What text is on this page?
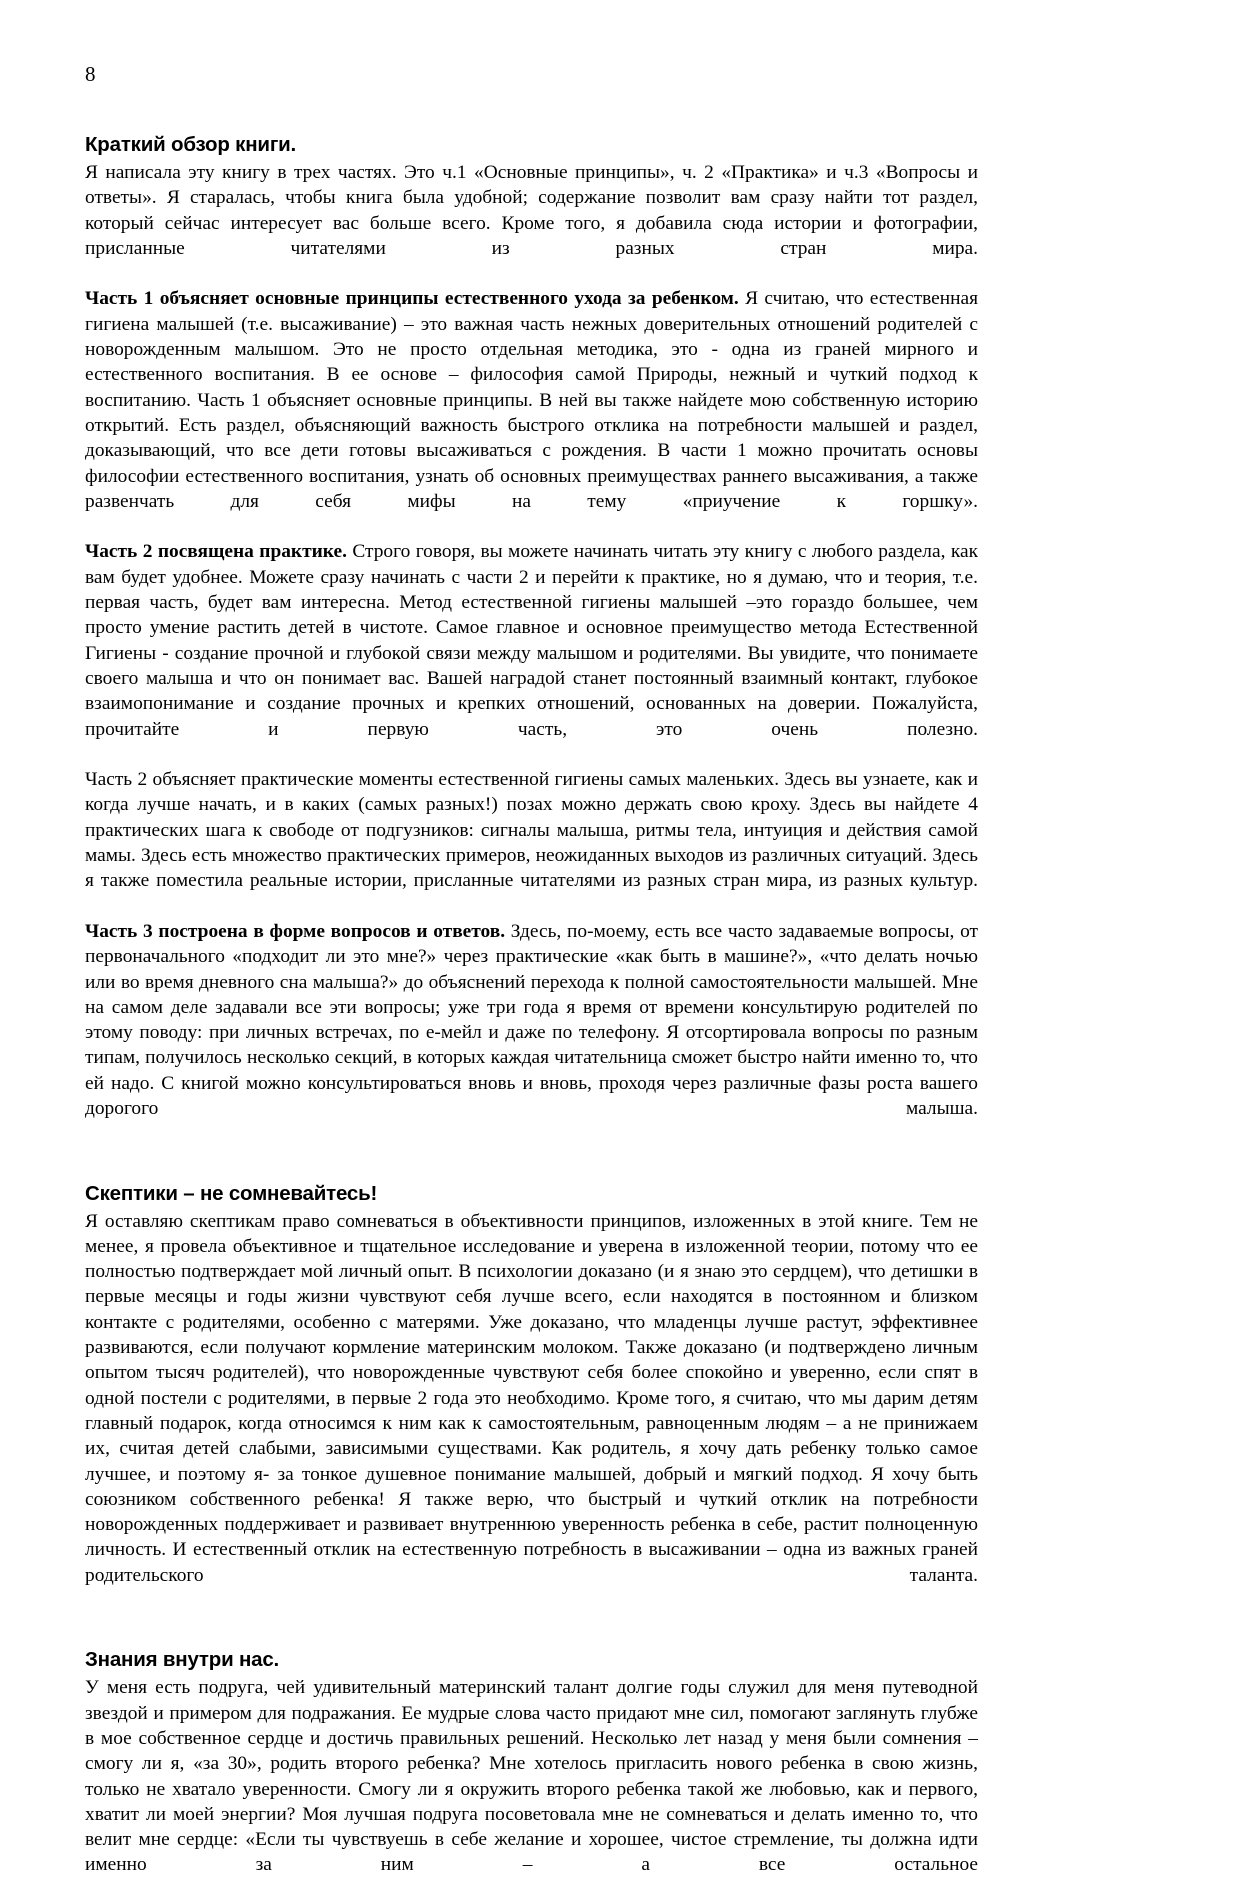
8
Краткий обзор книги.

Я написала эту книгу в трех частях. Это ч.1 «Основные принципы», ч. 2 «Практика» и ч.3 «Вопросы и ответы». Я старалась, чтобы книга была удобной; содержание позволит вам сразу найти тот раздел, который сейчас интересует вас больше всего. Кроме того, я добавила сюда истории и фотографии, присланные читателями из разных стран мира.

Часть 1 объясняет основные принципы естественного ухода за ребенком. Я считаю, что естественная гигиена малышей (т.е. высаживание) – это важная часть нежных доверительных отношений родителей с новорожденным малышом. Это не просто отдельная методика, это - одна из граней мирного и естественного воспитания. В ее основе – философия самой Природы, нежный и чуткий подход к воспитанию. Часть 1 объясняет основные принципы. В ней вы также найдете мою собственную историю открытий. Есть раздел, объясняющий важность быстрого отклика на потребности малышей и раздел, доказывающий, что все дети готовы высаживаться с рождения. В части 1 можно прочитать основы философии естественного воспитания, узнать об основных преимуществах раннего высаживания, а также развенчать для себя мифы на тему «приучение к горшку».

Часть 2 посвящена практике. Строго говоря, вы можете начинать читать эту книгу с любого раздела, как вам будет удобнее. Можете сразу начинать с части 2 и перейти к практике, но я думаю, что и теория, т.е. первая часть, будет вам интересна. Метод естественной гигиены малышей –это гораздо большее, чем просто умение растить детей в чистоте. Самое главное и основное преимущество метода Естественной Гигиены - создание прочной и глубокой связи между малышом и родителями. Вы увидите, что понимаете своего малыша и что он понимает вас. Вашей наградой станет постоянный взаимный контакт, глубокое взаимопонимание и создание прочных и крепких отношений, основанных на доверии. Пожалуйста, прочитайте и первую часть, это очень полезно.

Часть 2 объясняет практические моменты естественной гигиены самых маленьких. Здесь вы узнаете, как и когда лучше начать, и в каких (самых разных!) позах можно держать свою кроху. Здесь вы найдете 4 практических шага к свободе от подгузников: сигналы малыша, ритмы тела, интуиция и действия самой мамы. Здесь есть множество практических примеров, неожиданных выходов из различных ситуаций. Здесь я также поместила реальные истории, присланные читателями из разных стран мира, из разных культур.

Часть 3 построена в форме вопросов и ответов. Здесь, по-моему, есть все часто задаваемые вопросы, от первоначального «подходит ли это мне?» через практические «как быть в машине?», «что делать ночью или во время дневного сна малыша?» до объяснений перехода к полной самостоятельности малышей. Мне на самом деле задавали все эти вопросы; уже три года я время от времени консультирую родителей по этому поводу: при личных встречах, по е-мейл и даже по телефону. Я отсортировала вопросы по разным типам, получилось несколько секций, в которых каждая читательница сможет быстро найти именно то, что ей надо. С книгой можно консультироваться вновь и вновь, проходя через различные фазы роста вашего дорогого малыша.

Скептики – не сомневайтесь!

Я оставляю скептикам право сомневаться в объективности принципов, изложенных в этой книге. Тем не менее, я провела объективное и тщательное исследование и уверена в изложенной теории, потому что ее полностью подтверждает мой личный опыт. В психологии доказано (и я знаю это сердцем), что детишки в первые месяцы и годы жизни чувствуют себя лучше всего, если находятся в постоянном и близком контакте с родителями, особенно с матерями. Уже доказано, что младенцы лучше растут, эффективнее развиваются, если получают кормление материнским молоком. Также доказано (и подтверждено личным опытом тысяч родителей), что новорожденные чувствуют себя более спокойно и уверенно, если спят в одной постели с родителями, в первые 2 года это необходимо. Кроме того, я считаю, что мы дарим детям главный подарок, когда относимся к ним как к самостоятельным, равноценным людям – а не принижаем их, считая детей слабыми, зависимыми существами. Как родитель, я хочу дать ребенку только самое лучшее, и поэтому я- за тонкое душевное понимание малышей, добрый и мягкий подход. Я хочу быть союзником собственного ребенка! Я также верю, что быстрый и чуткий отклик на потребности новорожденных поддерживает и развивает внутреннюю уверенность ребенка в себе, растит полноценную личность. И естественный отклик на естественную потребность в высаживании – одна из важных граней родительского таланта.

Знания внутри нас.

У меня есть подруга, чей удивительный материнский талант долгие годы служил для меня путеводной звездой и примером для подражания. Ее мудрые слова часто придают мне сил, помогают заглянуть глубже в мое собственное сердце и достичь правильных решений. Несколько лет назад у меня были сомнения – смогу ли я, «за 30», родить второго ребенка? Мне хотелось пригласить нового ребенка в свою жизнь, только не хватало уверенности. Смогу ли я окружить второго ребенка такой же любовью, как и первого, хватит ли моей энергии? Моя лучшая подруга посоветовала мне не сомневаться и делать именно то, что велит мне сердце: «Если ты чувствуешь в себе желание и хорошее, чистое стремление, ты должна идти именно за ним – а все остальное
